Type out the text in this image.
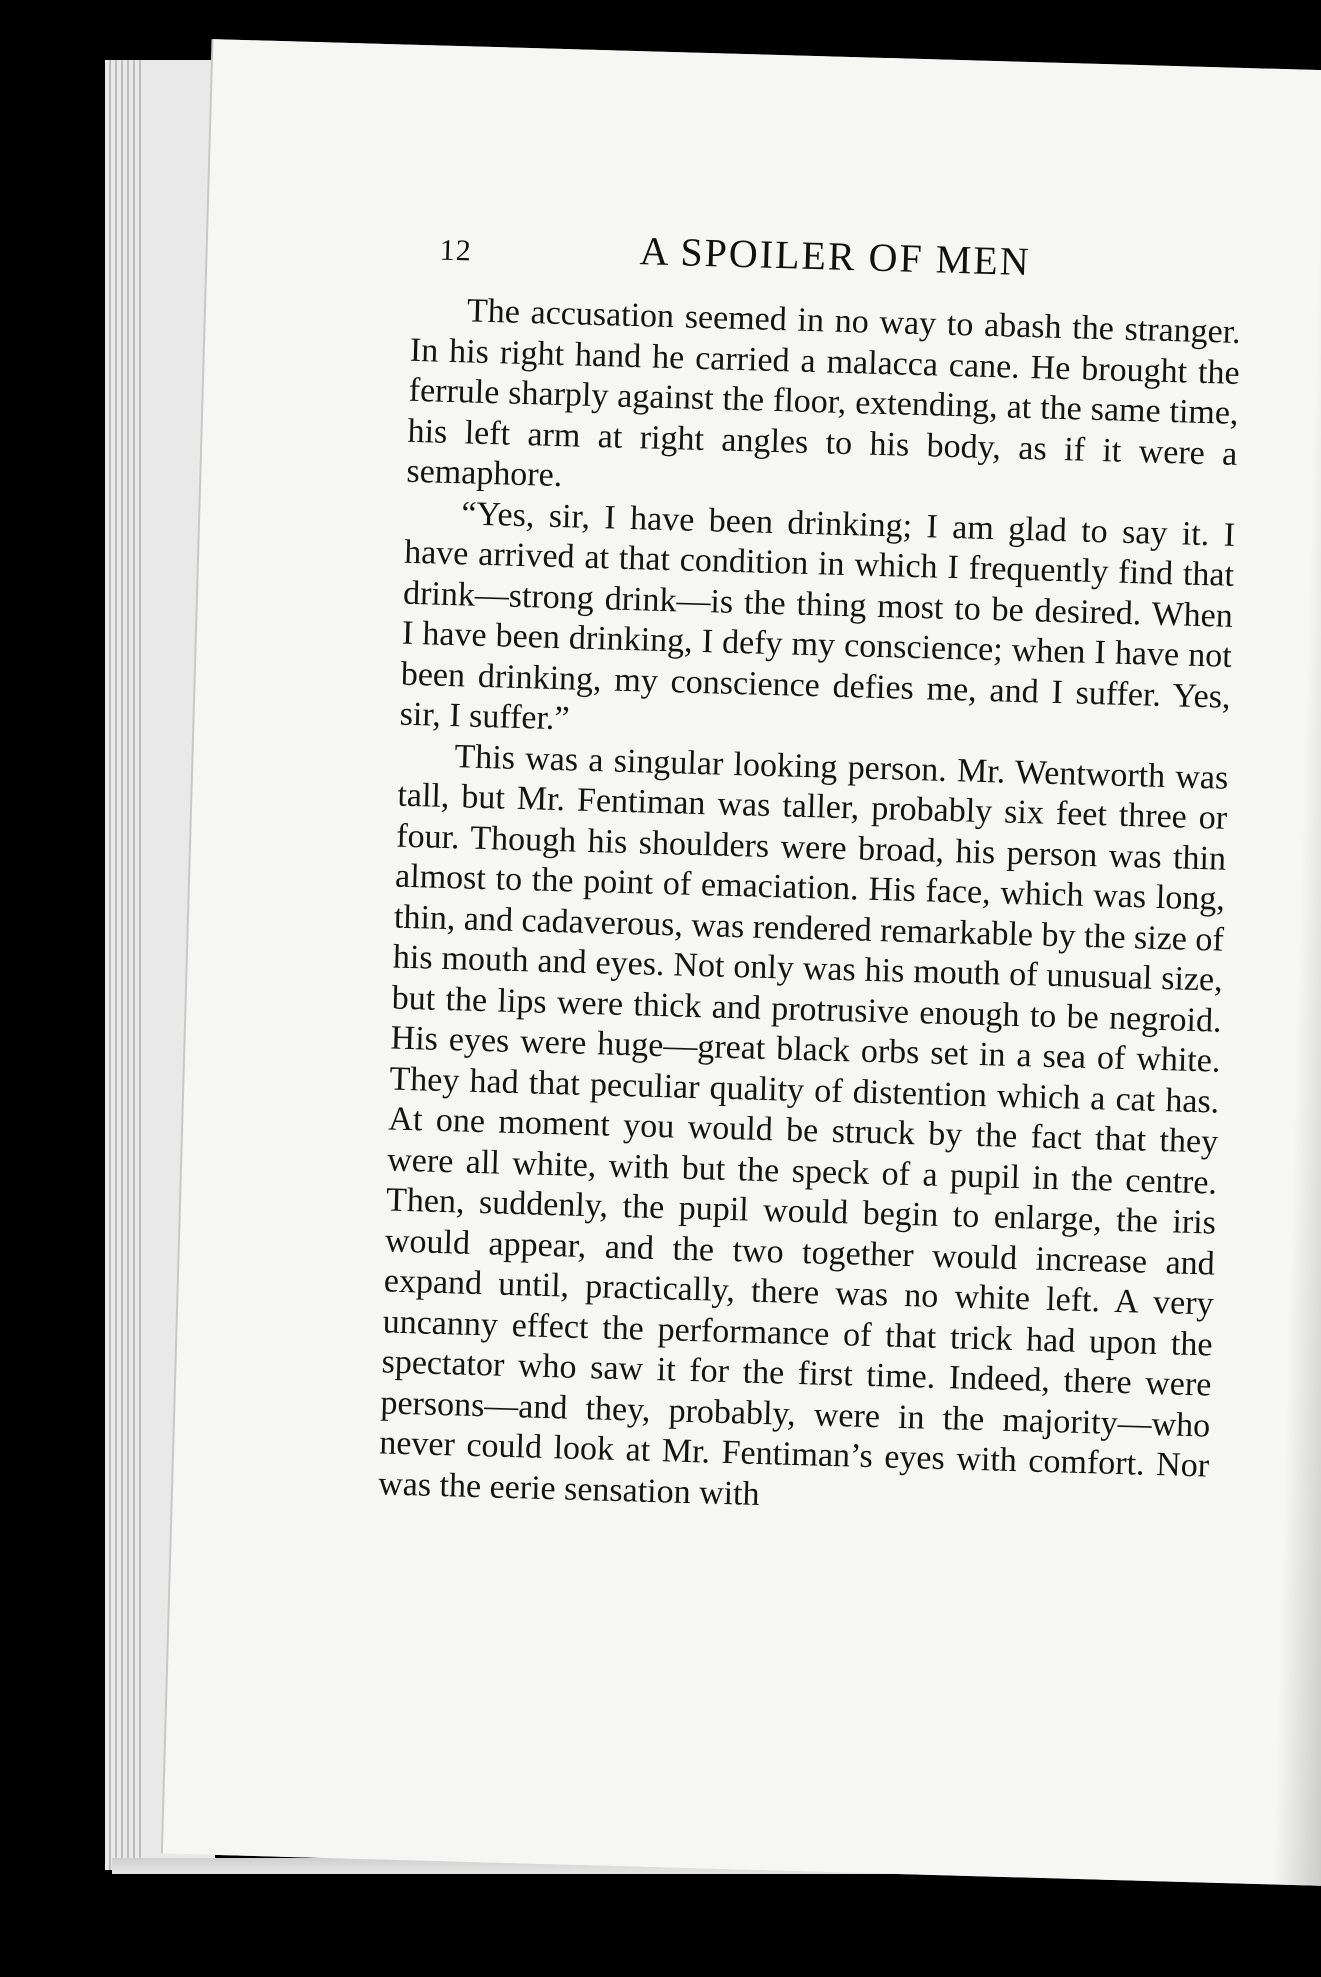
12	A SPOILER OF MEN

The accusation seemed in no way to abash the stranger. In his right hand he carried a malacca cane. He brought the ferrule sharply against the floor, extending, at the same time, his left arm at right angles to his body, as if it were a semaphore.

“Yes, sir, I have been drinking; I am glad to say it. I have arrived at that condition in which I frequently find that drink—strong drink—is the thing most to be desired. When I have been drinking, I defy my conscience; when I have not been drinking, my conscience defies me, and I suffer. Yes, sir, I suffer.”

This was a singular looking person. Mr. Wentworth was tall, but Mr. Fentiman was taller, probably six feet three or four. Though his shoulders were broad, his person was thin almost to the point of emaciation. His face, which was long, thin, and cadaverous, was rendered remarkable by the size of his mouth and eyes. Not only was his mouth of unusual size, but the lips were thick and protrusive enough to be negroid. His eyes were huge—great black orbs set in a sea of white. They had that peculiar quality of distention which a cat has. At one moment you would be struck by the fact that they were all white, with but the speck of a pupil in the centre. Then, suddenly, the pupil would begin to enlarge, the iris would appear, and the two together would increase and expand until, practically, there was no white left. A very uncanny effect the performance of that trick had upon the spectator who saw it for the first time. Indeed, there were persons—and they, probably, were in the majority—who never could look at Mr. Fentiman’s eyes with comfort. Nor was the eerie sensation with
